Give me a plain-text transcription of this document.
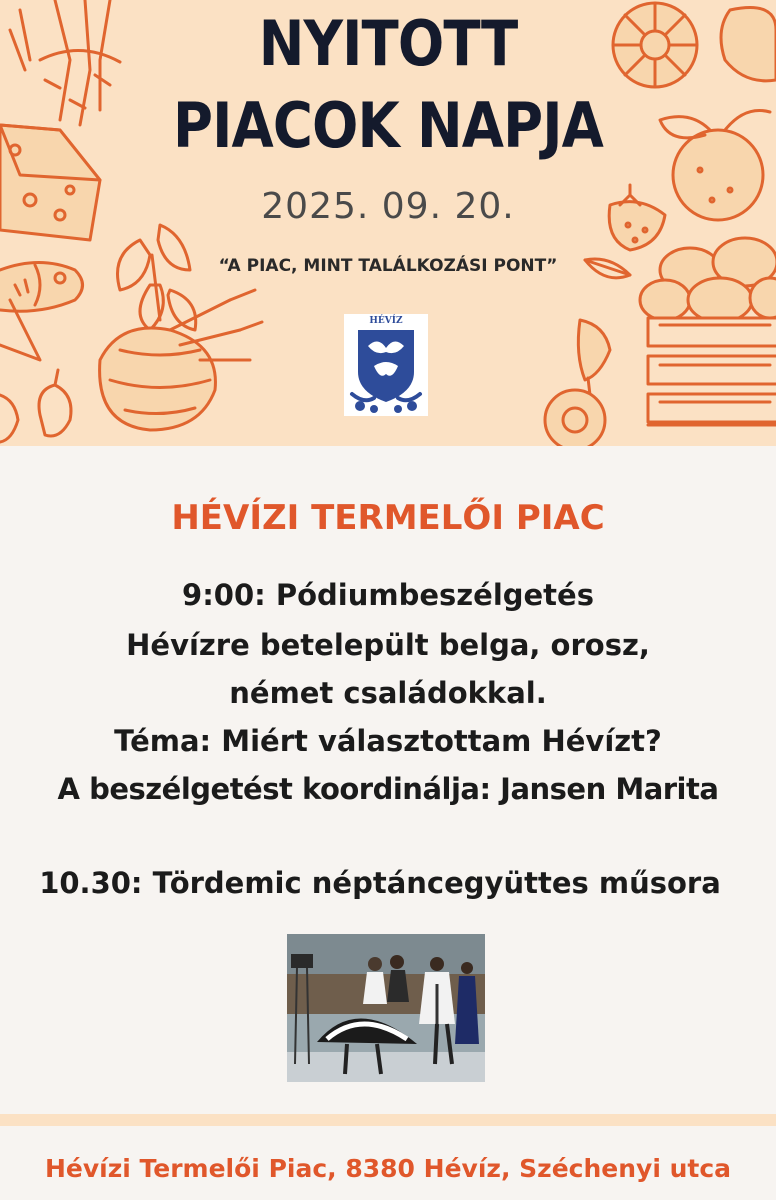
NYITOTT
PIACOK NAPJA
2025. 09. 20.
“A PIAC, MINT TALÁLKOZÁSI PONT”
HÉVÍZ
HÉVÍZI TERMELŐI PIAC
9:00: Pódiumbeszélgetés
Hévízre betelepült belga, orosz,
német családokkal.
Téma: Miért választottam Hévízt?
A beszélgetést koordinálja: Jansen Marita
10.30: Tördemic néptáncegyüttes műsora
Hévízi Termelői Piac, 8380 Hévíz, Széchenyi utca
